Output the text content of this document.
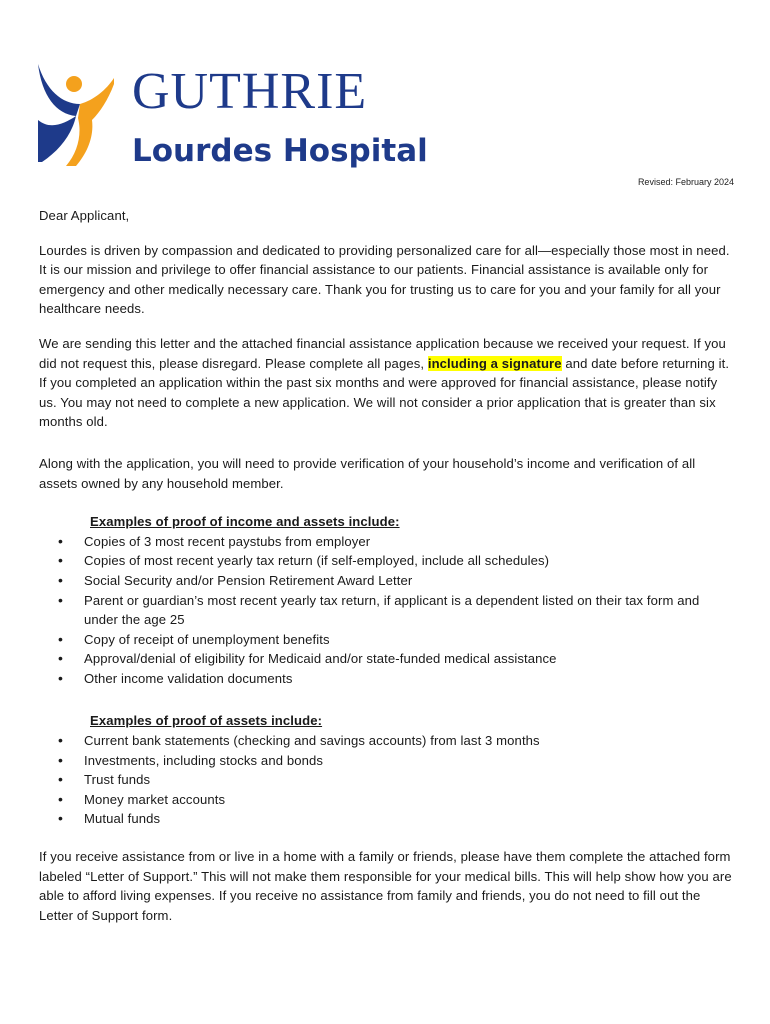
GUTHRIE
Lourdes Hospital
Revised: February 2024

Dear Applicant,

Lourdes is driven by compassion and dedicated to providing personalized care for all—especially those most in need. It is our mission and privilege to offer financial assistance to our patients. Financial assistance is available only for emergency and other medically necessary care. Thank you for trusting us to care for you and your family for all your healthcare needs.

We are sending this letter and the attached financial assistance application because we received your request. If you did not request this, please disregard. Please complete all pages, including a signature and date before returning it. If you completed an application within the past six months and were approved for financial assistance, please notify us. You may not need to complete a new application. We will not consider a prior application that is greater than six months old.

Along with the application, you will need to provide verification of your household’s income and verification of all assets owned by any household member.

Examples of proof of income and assets include:

• Copies of 3 most recent paystubs from employer
• Copies of most recent yearly tax return (if self-employed, include all schedules)
• Social Security and/or Pension Retirement Award Letter
• Parent or guardian’s most recent yearly tax return, if applicant is a dependent listed on their tax form and under the age 25
• Copy of receipt of unemployment benefits
• Approval/denial of eligibility for Medicaid and/or state-funded medical assistance
• Other income validation documents

Examples of proof of assets include:

• Current bank statements (checking and savings accounts) from last 3 months
• Investments, including stocks and bonds
• Trust funds
• Money market accounts
• Mutual funds

If you receive assistance from or live in a home with a family or friends, please have them complete the attached form labeled “Letter of Support.” This will not make them responsible for your medical bills. This will help show how you are able to afford living expenses. If you receive no assistance from family and friends, you do not need to fill out the Letter of Support form.
